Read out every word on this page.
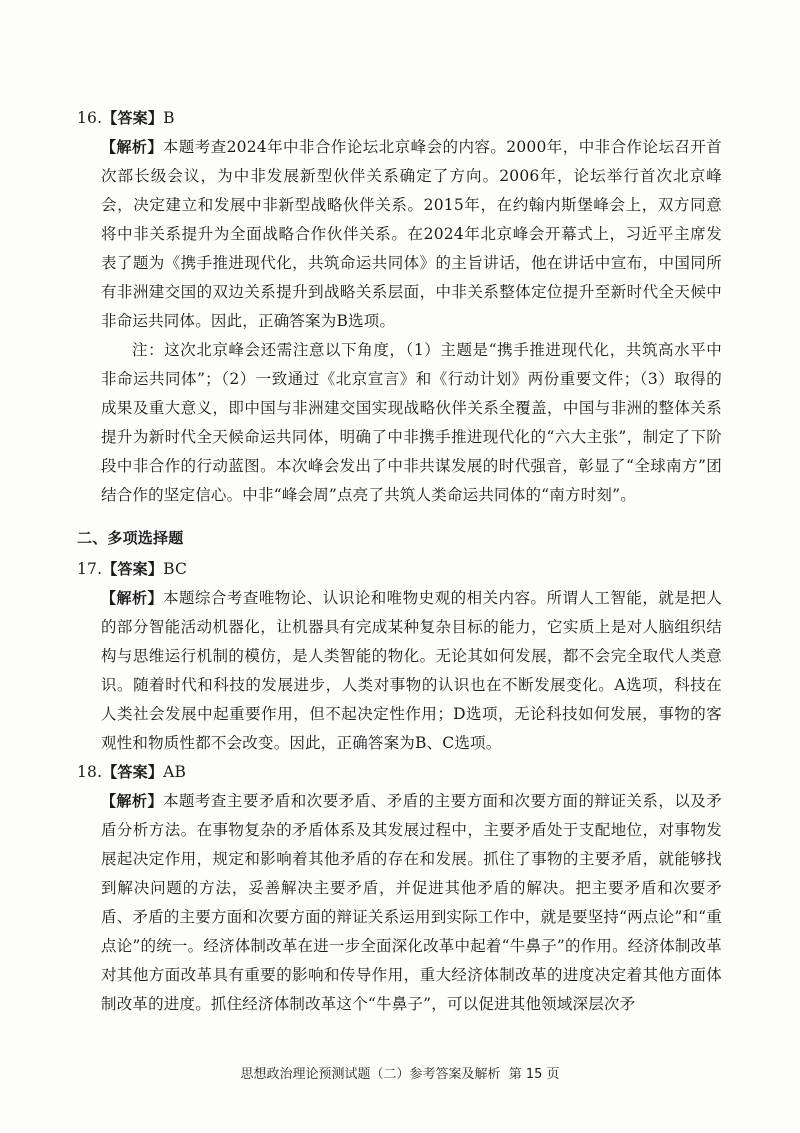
16.【答案】B

【解析】本题考查2024年中非合作论坛北京峰会的内容。2000年，中非合作论坛召开首次部长级会议，为中非发展新型伙伴关系确定了方向。2006年，论坛举行首次北京峰会，决定建立和发展中非新型战略伙伴关系。2015年，在约翰内斯堡峰会上，双方同意将中非关系提升为全面战略合作伙伴关系。在2024年北京峰会开幕式上，习近平主席发表了题为《携手推进现代化，共筑命运共同体》的主旨讲话，他在讲话中宣布，中国同所有非洲建交国的双边关系提升到战略关系层面，中非关系整体定位提升至新时代全天候中非命运共同体。因此，正确答案为B选项。

注：这次北京峰会还需注意以下角度，（1）主题是“携手推进现代化，共筑高水平中非命运共同体”；（2）一致通过《北京宣言》和《行动计划》两份重要文件；（3）取得的成果及重大意义，即中国与非洲建交国实现战略伙伴关系全覆盖，中国与非洲的整体关系提升为新时代全天候命运共同体，明确了中非携手推进现代化的“六大主张”，制定了下阶段中非合作的行动蓝图。本次峰会发出了中非共谋发展的时代强音，彰显了“全球南方”团结合作的坚定信心。中非“峰会周”点亮了共筑人类命运共同体的“南方时刻”。

二、多项选择题

17.【答案】BC

【解析】本题综合考查唯物论、认识论和唯物史观的相关内容。所谓人工智能，就是把人的部分智能活动机器化，让机器具有完成某种复杂目标的能力，它实质上是对人脑组织结构与思维运行机制的模仿，是人类智能的物化。无论其如何发展，都不会完全取代人类意识。随着时代和科技的发展进步，人类对事物的认识也在不断发展变化。A选项，科技在人类社会发展中起重要作用，但不起决定性作用；D选项，无论科技如何发展，事物的客观性和物质性都不会改变。因此，正确答案为B、C选项。

18.【答案】AB

【解析】本题考查主要矛盾和次要矛盾、矛盾的主要方面和次要方面的辩证关系，以及矛盾分析方法。在事物复杂的矛盾体系及其发展过程中，主要矛盾处于支配地位，对事物发展起决定作用，规定和影响着其他矛盾的存在和发展。抓住了事物的主要矛盾，就能够找到解决问题的方法，妥善解决主要矛盾，并促进其他矛盾的解决。把主要矛盾和次要矛盾、矛盾的主要方面和次要方面的辩证关系运用到实际工作中，就是要坚持“两点论”和“重点论”的统一。经济体制改革在进一步全面深化改革中起着“牛鼻子”的作用。经济体制改革对其他方面改革具有重要的影响和传导作用，重大经济体制改革的进度决定着其他方面体制改革的进度。抓住经济体制改革这个“牛鼻子”，可以促进其他领域深层次矛

思想政治理论预测试题（二）参考答案及解析 第 15 页
